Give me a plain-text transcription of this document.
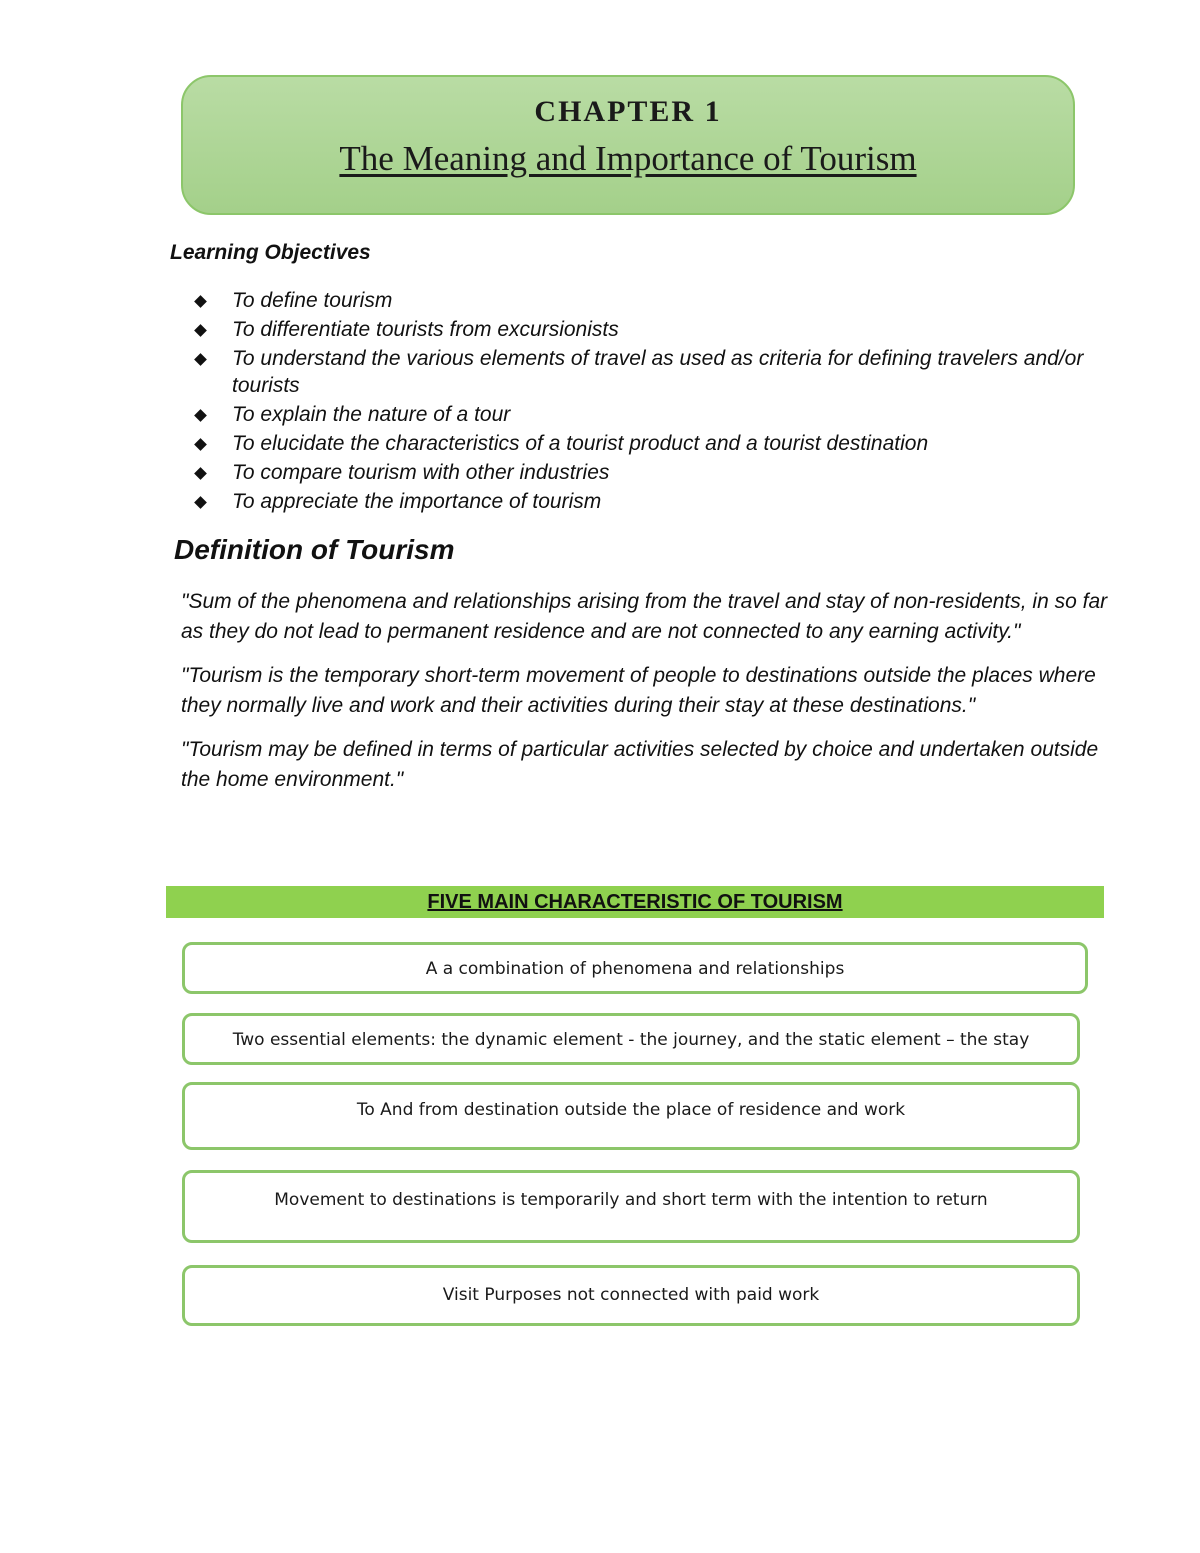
CHAPTER 1
The Meaning and Importance of Tourism
Learning Objectives
To define tourism
To differentiate tourists from excursionists
To understand the various elements of travel as used as criteria for defining travelers and/or tourists
To explain the nature of a tour
To elucidate the characteristics of a tourist product and a tourist destination
To compare tourism with other industries
To appreciate the importance of tourism
Definition of Tourism

"Sum of the phenomena and relationships arising from the travel and stay of non-residents, in so far as they do not lead to permanent residence and are not connected to any earning activity."

"Tourism is the temporary short-term movement of people to destinations outside the places where they normally live and work and their activities during their stay at these destinations."

"Tourism may be defined in terms of particular activities selected by choice and undertaken outside the home environment."

FIVE MAIN CHARACTERISTIC OF TOURISM
A a combination of phenomena and relationships
Two essential elements: the dynamic element - the journey, and the static element – the stay
To And from destination outside the place of residence and work
Movement to destinations is temporarily and short term with the intention to return
Visit Purposes not connected with paid work
